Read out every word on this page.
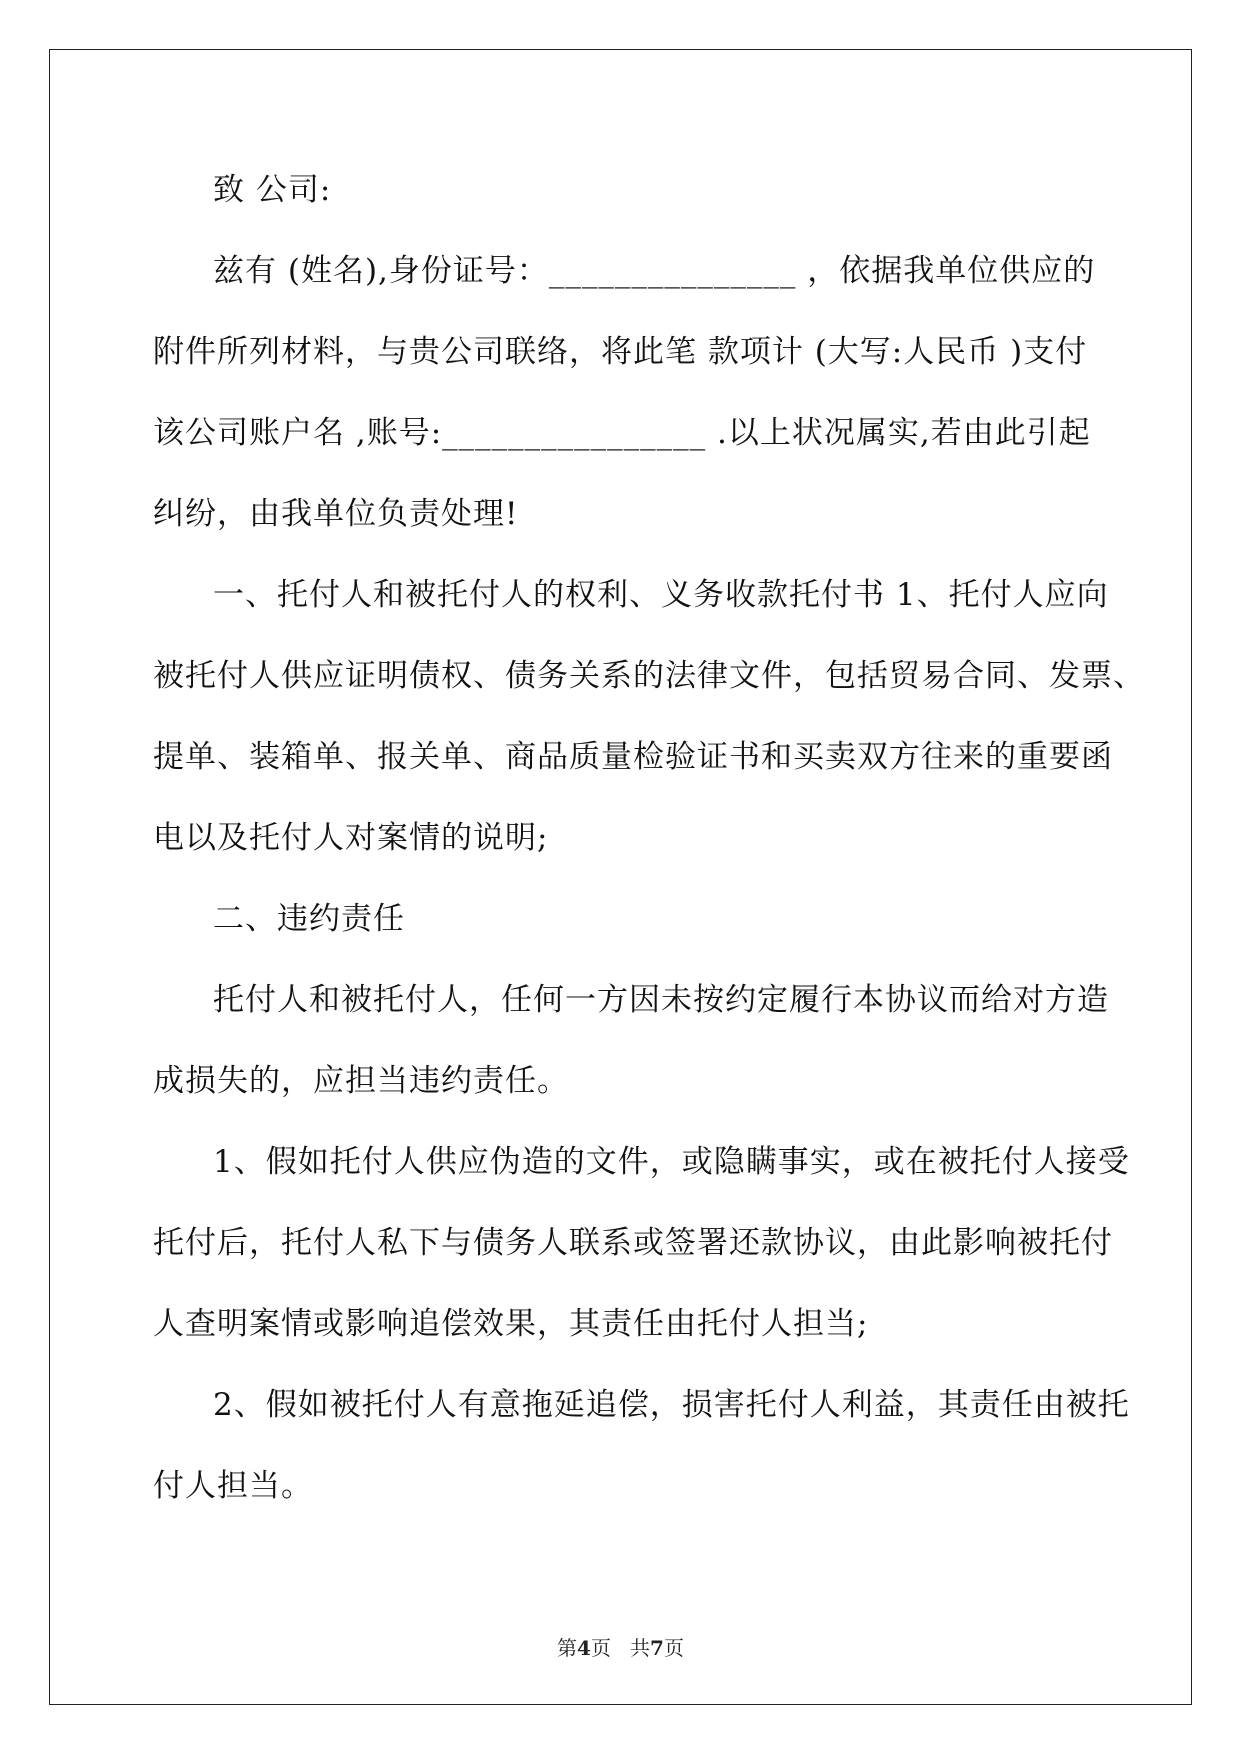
致 公司:
兹有 (姓名),身份证号：_______________ ，依据我单位供应的
附件所列材料，与贵公司联络，将此笔 款项计 (大写:人民币 )支付
该公司账户名 ,账号:________________ .以上状况属实,若由此引起
纠纷，由我单位负责处理!
一、托付人和被托付人的权利、义务收款托付书 1、托付人应向
被托付人供应证明债权、债务关系的法律文件，包括贸易合同、发票、
提单、装箱单、报关单、商品质量检验证书和买卖双方往来的重要函
电以及托付人对案情的说明;
二、违约责任
托付人和被托付人，任何一方因未按约定履行本协议而给对方造
成损失的，应担当违约责任。
1、假如托付人供应伪造的文件，或隐瞒事实，或在被托付人接受
托付后，托付人私下与债务人联系或签署还款协议，由此影响被托付
人查明案情或影响追偿效果，其责任由托付人担当;
2、假如被托付人有意拖延追偿，损害托付人利益，其责任由被托
付人担当。
第4页 共7页
